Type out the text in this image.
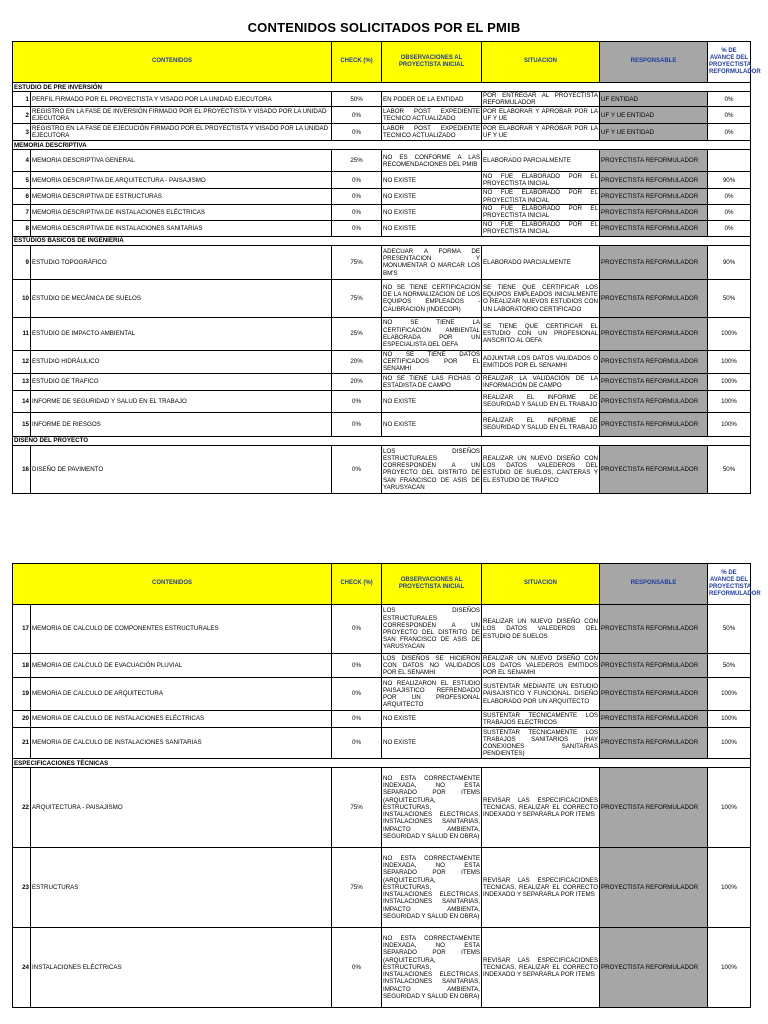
CONTENIDOS SOLICITADOS POR EL PMIB
CONTENIDOS		CHECK (%)	OBSERVACIONES AL PROYECTISTA INICIAL	SITUACION	RESPONSABLE	% DE AVANCE DEL PROYECTISTA REFORMULADOR
ESTUDIO DE PRE INVERSIÓN						
1	PERFIL FIRMADO POR EL PROYECTISTA Y VISADO POR LA UNIDAD EJECUTORA	50%	EN PODER DE LA ENTIDAD	POR ENTREGAR AL PROYECTISTA REFORMULADOR	UF ENTIDAD	0%
2	REGISTRO EN LA FASE DE INVERSIÓN FIRMADO POR EL PROYECTISTA Y VISADO POR LA UNIDAD EJECUTORA	0%	LABOR POST EXPEDIENTE TECNICO ACTUALIZADO	POR ELABORAR Y APROBAR POR LA UF Y UE	UF Y UE ENTIDAD	0%
3	REGISTRO EN LA FASE DE EJECUCIÓN FIRMADO POR EL PROYECTISTA Y VISADO POR LA UNIDAD EJECUTORA	0%	LABOR POST EXPEDIENTE TECNICO ACTUALIZADO	POR ELABORAR Y APROBAR POR LA UF Y UE	UF Y UE ENTIDAD	0%
MEMORIA DESCRIPTIVA						
4	MEMORIA DESCRIPTIVA GENERAL	25%	NO ES CONFORME A LAS RECOMENDACIONES DEL PMIB	ELABORADO PARCIALMENTE	PROYECTISTA REFORMULADOR	
5	MEMORIA DESCRIPTIVA DE ARQUITECTURA - PAISAJISMO	0%	NO EXISTE	NO FUE ELABORADO POR EL PROYECTISTA INICIAL	PROYECTISTA REFORMULADOR	90%
6	MEMORIA DESCRIPTIVA DE ESTRUCTURAS	0%	NO EXISTE	NO FUE ELABORADO POR EL PROYECTISTA INICIAL	PROYECTISTA REFORMULADOR	0%
7	MEMORIA DESCRIPTIVA DE INSTALACIONES ELÉCTRICAS	0%	NO EXISTE	NO FUE ELABORADO POR EL PROYECTISTA INICIAL	PROYECTISTA REFORMULADOR	0%
8	MEMORIA DESCRIPTIVA DE INSTALACIONES SANITARIAS	0%	NO EXISTE	NO FUE ELABORADO POR EL PROYECTISTA INICIAL	PROYECTISTA REFORMULADOR	0%
ESTUDIOS BASICOS DE INGENIERIA						
9	ESTUDIO TOPOGRÁFICO	75%	ADECUAR A FORMA DE PRESENTACION Y MONUMENTAR O MARCAR LOS BM'S	ELABORADO PARCIALMENTE	PROYECTISTA REFORMULADOR	90%
10	ESTUDIO DE MECÁNICA DE SUELOS	75%	NO SE TIENE CERTIFICACION DE LA NORMALIZACION DE LOS EQUIPOS EMPLEADOS - CALIBRACION (INDECOPI)	SE TIENE QUE CERTIFICAR LOS EQUIPOS EMPLEADOS INICIALMENTE O REALIZAR NUEVOS ESTUDIOS CON UN LABORATORIO CERTIFICADO	PROYECTISTA REFORMULADOR	50%
11	ESTUDIO DE IMPACTO AMBIENTAL	25%	NO SE TIENE LA CERTIFICACION AMBIENTAL ELABORADA POR UN ESPECIALISTA DEL OEFA	SE TIENE QUE CERTIFICAR EL ESTUDIO CON UN PROFESIONAL ANSCRITO AL OEFA	PROYECTISTA REFORMULADOR	100%
12	ESTUDIO HIDRÁULICO	20%	NO SE TIENE DATOS CERTIFICADOS POR EL SENAMHI	ADJUNTAR LOS DATOS VALIDADOS O EMITIDOS POR EL SENAMHI	PROYECTISTA REFORMULADOR	100%
13	ESTUDIO DE TRAFICO	20%	NO SE TIENE LAS FICHAS O ESTADISTA DE CAMPO	REALIZAR LA VALIDACION DE LA INFORMACIÓN DE CAMPO	PROYECTISTA REFORMULADOR	100%
14	INFORME DE SEGURIDAD Y SALUD EN EL TRABAJO	0%	NO EXISTE	REALIZAR EL INFORME DE SEGURIDAD Y SALUD EN EL TRABAJO	PROYECTISTA REFORMULADOR	100%
15	INFORME DE RIESGOS	0%	NO EXISTE	REALIZAR EL INFORME DE SEGURIDAD Y SALUD EN EL TRABAJO	PROYECTISTA REFORMULADOR	100%
DISEÑO DEL PROYECTO						
16	DISEÑO DE PAVIMENTO	0%	LOS DISEÑOS ESTRUCTURALES CORRESPONDEN A UN PROYECTO DEL DISTRITO DE SAN FRANCISCO DE ASIS DE YARUSYACAN	REALIZAR UN NUEVO DISEÑO CON LOS DATOS VALEDEROS DEL ESTUDIO DE SUELOS, CANTERAS Y EL ESTUDIO DE TRAFICO	PROYECTISTA REFORMULADOR	50%
CONTENIDOS		CHECK (%)	OBSERVACIONES AL PROYECTISTA INICIAL	SITUACION	RESPONSABLE	% DE AVANCE DEL PROYECTISTA REFORMULADOR
17	MEMORIA DE CALCULO DE COMPONENTES ESTRUCTURALES	0%	LOS DISEÑOS ESTRUCTURALES CORRESPONDEN A UN PROYECTO DEL DISTRITO DE SAN FRANCISCO DE ASIS DE YARUSYACAN	REALIZAR UN NUEVO DISEÑO CON LOS DATOS VALEDEROS DEL ESTUDIO DE SUELOS	PROYECTISTA REFORMULADOR	50%
18	MEMORIA DE CALCULO DE EVACUACIÓN PLUVIAL	0%	LOS DISEÑOS SE HICIERON CON DATOS NO VALIDADOS POR EL SENAMHI	REALIZAR UN NUEVO DISEÑO CON LOS DATOS VALEDEROS EMITIDOS POR EL SENAMHI	PROYECTISTA REFORMULADOR	50%
19	MEMORIA DE CALCULO DE ARQUITECTURA	0%	NO REALIZARON EL ESTUDIO PAISAJISTICO REFRENDADO POR UN PROFESIONAL ARQUITECTO	SUSTENTAR MEDIANTE UN ESTUDIO PAISAJISTICO Y FUNCIONAL. DISEÑO ELABORADO POR UN ARQUITECTO	PROYECTISTA REFORMULADOR	100%
20	MEMORIA DE CALCULO DE INSTALACIONES ELÉCTRICAS	0%	NO EXISTE	SUSTENTAR TECNICAMENTE LOS TRABAJOS ELECTRICOS	PROYECTISTA REFORMULADOR	100%
21	MEMORIA DE CALCULO DE INSTALACIONES SANITARIAS	0%	NO EXISTE	SUSTENTAR TECNICAMENTE LOS TRABAJOS SANITARIOS (HAY CONEXIONES SANITARIAS PENDIENTES)	PROYECTISTA REFORMULADOR	100%
ESPECIFICACIONES TÉCNICAS						
22	ARQUITECTURA - PAISAJISMO	75%	NO ESTA CORRECTAMENTE INDEXADA, NO ESTA SEPARADO POR ITEMS (ARQUITECTURA, ESTRUCTURAS, INSTALACIONES ELECTRICAS, INSTALACIONES SANITARIAS, IMPACTO AMBIENTA, SEGURIDAD Y SALUD EN OBRA)	REVISAR LAS ESPECIFICACIONES TECNICAS, REALIZAR EL CORRECTO INDEXADO Y SEPARARLA POR ITEMS	PROYECTISTA REFORMULADOR	100%
23	ESTRUCTURAS	75%	NO ESTA CORRECTAMENTE INDEXADA, NO ESTA SEPARADO POR ITEMS (ARQUITECTURA, ESTRUCTURAS, INSTALACIONES ELECTRICAS, INSTALACIONES SANITARIAS, IMPACTO AMBIENTA, SEGURIDAD Y SALUD EN OBRA)	REVISAR LAS ESPECIFICACIONES TECNICAS, REALIZAR EL CORRECTO INDEXADO Y SEPARARLA POR ITEMS	PROYECTISTA REFORMULADOR	100%
24	INSTALACIONES ELÉCTRICAS	0%	NO ESTA CORRECTAMENTE INDEXADA, NO ESTA SEPARADO POR ITEMS (ARQUITECTURA, ESTRUCTURAS, INSTALACIONES ELECTRICAS, INSTALACIONES SANITARIAS, IMPACTO AMBIENTA, SEGURIDAD Y SALUD EN OBRA)	REVISAR LAS ESPECIFICACIONES TECNICAS, REALIZAR EL CORRECTO INDEXADO Y SEPARARLA POR ITEMS	PROYECTISTA REFORMULADOR	100%
